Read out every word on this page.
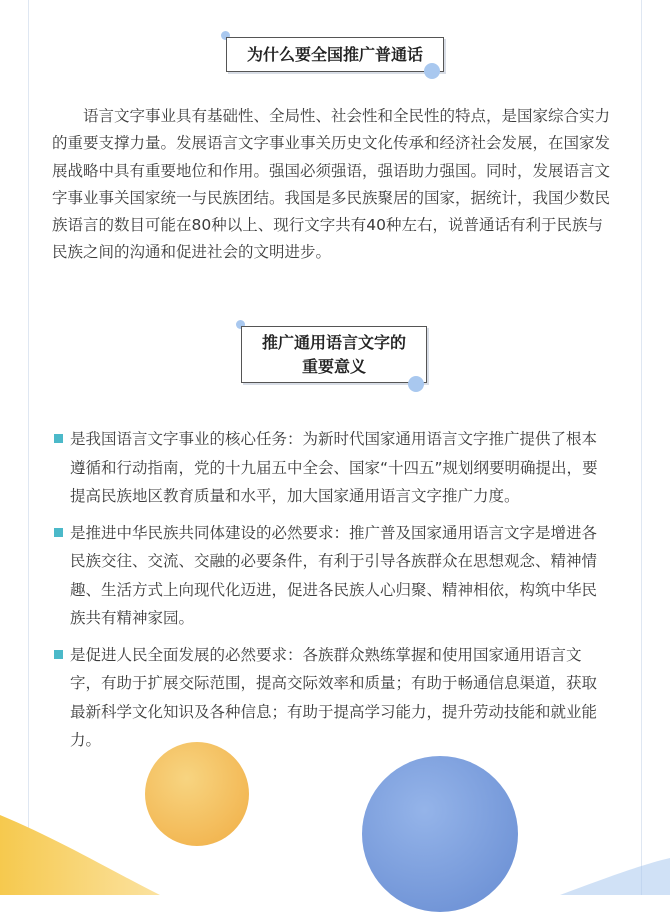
为什么要全国推广普通话

语言文字事业具有基础性、全局性、社会性和全民性的特点，是国家综合实力的重要支撑力量。发展语言文字事业事关历史文化传承和经济社会发展，在国家发展战略中具有重要地位和作用。强国必须强语，强语助力强国。同时，发展语言文字事业事关国家统一与民族团结。我国是多民族聚居的国家，据统计，我国少数民族语言的数目可能在80种以上、现行文字共有40种左右，说普通话有利于民族与民族之间的沟通和促进社会的文明进步。

推广通用语言文字的
重要意义
是我国语言文字事业的核心任务：为新时代国家通用语言文字推广提供了根本遵循和行动指南，党的十九届五中全会、国家“十四五”规划纲要明确提出，要提高民族地区教育质量和水平，加大国家通用语言文字推广力度。
是推进中华民族共同体建设的必然要求：推广普及国家通用语言文字是增进各民族交往、交流、交融的必要条件，有利于引导各族群众在思想观念、精神情趣、生活方式上向现代化迈进，促进各民族人心归聚、精神相依，构筑中华民族共有精神家园。
是促进人民全面发展的必然要求：各族群众熟练掌握和使用国家通用语言文字，有助于扩展交际范围，提高交际效率和质量；有助于畅通信息渠道，获取最新科学文化知识及各种信息；有助于提高学习能力，提升劳动技能和就业能力。
